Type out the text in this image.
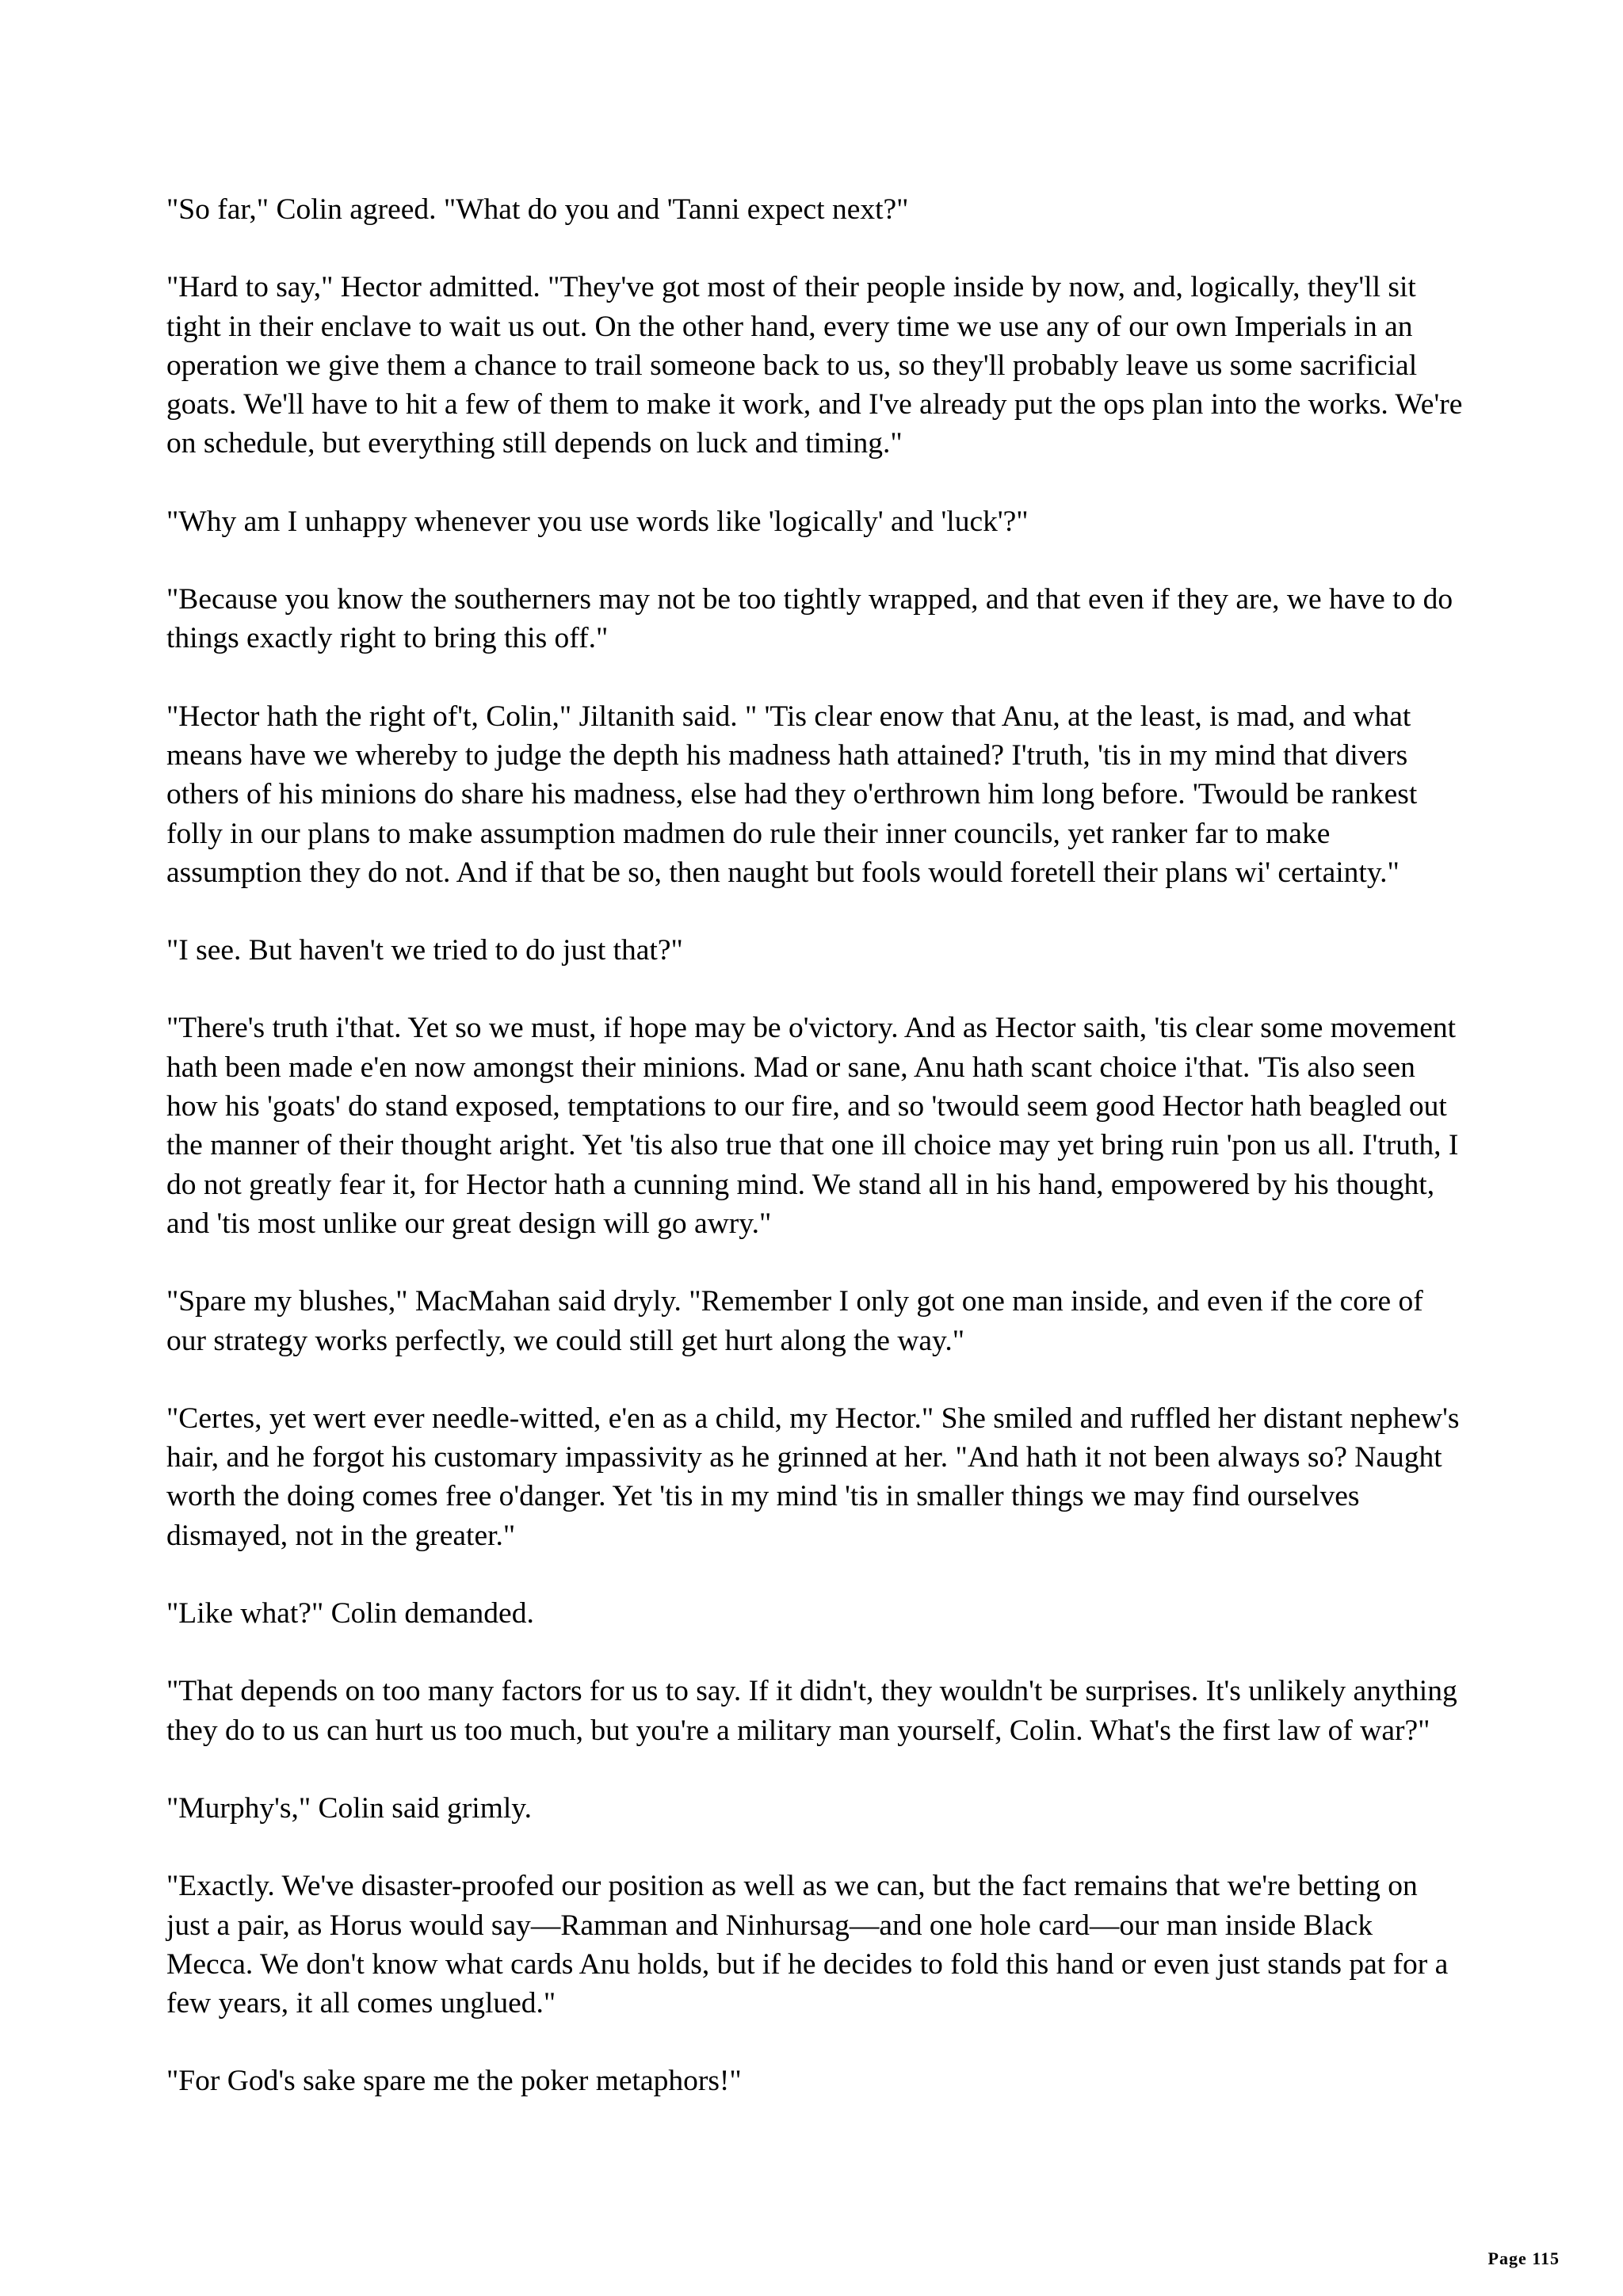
"So far," Colin agreed. "What do you and 'Tanni expect next?"

"Hard to say," Hector admitted. "They've got most of their people inside by now, and, logically, they'll sit tight in their enclave to wait us out. On the other hand, every time we use any of our own Imperials in an operation we give them a chance to trail someone back to us, so they'll probably leave us some sacrificial goats. We'll have to hit a few of them to make it work, and I've already put the ops plan into the works. We're on schedule, but everything still depends on luck and timing."

"Why am I unhappy whenever you use words like 'logically' and 'luck'?"

"Because you know the southerners may not be too tightly wrapped, and that even if they are, we have to do things exactly right to bring this off."

"Hector hath the right of't, Colin," Jiltanith said. " 'Tis clear enow that Anu, at the least, is mad, and what means have we whereby to judge the depth his madness hath attained? I'truth, 'tis in my mind that divers others of his minions do share his madness, else had they o'erthrown him long before. 'Twould be rankest folly in our plans to make assumption madmen do rule their inner councils, yet ranker far to make assumption they do not. And if that be so, then naught but fools would foretell their plans wi' certainty."

"I see. But haven't we tried to do just that?"

"There's truth i'that. Yet so we must, if hope may be o'victory. And as Hector saith, 'tis clear some movement hath been made e'en now amongst their minions. Mad or sane, Anu hath scant choice i'that. 'Tis also seen how his 'goats' do stand exposed, temptations to our fire, and so 'twould seem good Hector hath beagled out the manner of their thought aright. Yet 'tis also true that one ill choice may yet bring ruin 'pon us all. I'truth, I do not greatly fear it, for Hector hath a cunning mind. We stand all in his hand, empowered by his thought, and 'tis most unlike our great design will go awry."

"Spare my blushes," MacMahan said dryly. "Remember I only got one man inside, and even if the core of our strategy works perfectly, we could still get hurt along the way."

"Certes, yet wert ever needle-witted, e'en as a child, my Hector." She smiled and ruffled her distant nephew's hair, and he forgot his customary impassivity as he grinned at her. "And hath it not been always so? Naught worth the doing comes free o'danger. Yet 'tis in my mind 'tis in smaller things we may find ourselves dismayed, not in the greater."

"Like what?" Colin demanded.

"That depends on too many factors for us to say. If it didn't, they wouldn't be surprises. It's unlikely anything they do to us can hurt us too much, but you're a military man yourself, Colin. What's the first law of war?"

"Murphy's," Colin said grimly.

"Exactly. We've disaster-proofed our position as well as we can, but the fact remains that we're betting on just a pair, as Horus would say—Ramman and Ninhursag—and one hole card—our man inside Black Mecca. We don't know what cards Anu holds, but if he decides to fold this hand or even just stands pat for a few years, it all comes unglued."

"For God's sake spare me the poker metaphors!"

Page 115
